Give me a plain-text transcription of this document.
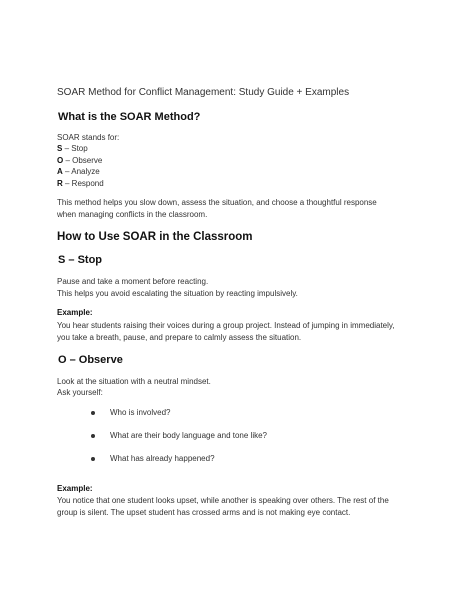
SOAR Method for Conflict Management: Study Guide + Examples
What is the SOAR Method?
SOAR stands for:
S – Stop
O – Observe
A – Analyze
R – Respond
This method helps you slow down, assess the situation, and choose a thoughtful response
when managing conflicts in the classroom.
How to Use SOAR in the Classroom
S – Stop
Pause and take a moment before reacting.
This helps you avoid escalating the situation by reacting impulsively.
Example:
You hear students raising their voices during a group project. Instead of jumping in immediately,
you take a breath, pause, and prepare to calmly assess the situation.
O – Observe
Look at the situation with a neutral mindset.
Ask yourself:
Who is involved?
What are their body language and tone like?
What has already happened?
Example:
You notice that one student looks upset, while another is speaking over others. The rest of the
group is silent. The upset student has crossed arms and is not making eye contact.
